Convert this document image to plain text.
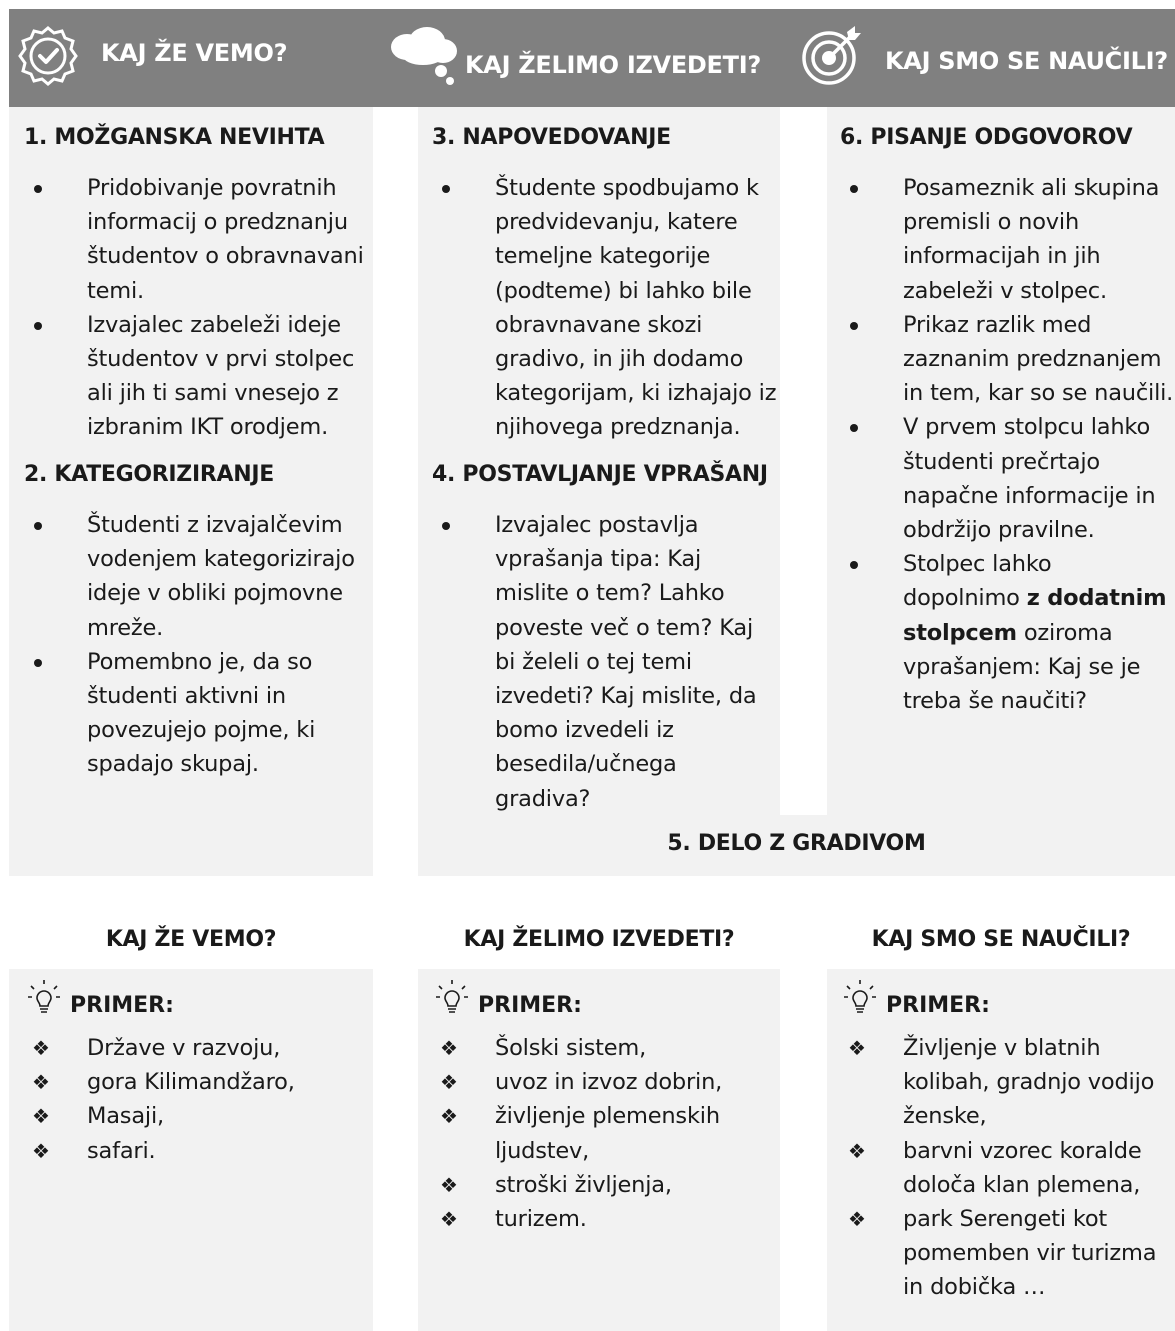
KAJ ŽE VEMO?	KAJ ŽELIMO IZVEDETI?	KAJ SMO SE NAUČILI?
1. MOŽGANSKA NEVIHTA
Pridobivanje povratnih informacij o predznanju študentov o obravnavani temi.
Izvajalec zabeleži ideje študentov v prvi stolpec ali jih ti sami vnesejo z izbranim IKT orodjem.
2. KATEGORIZIRANJE
Študenti z izvajalčevim vodenjem kategorizirajo ideje v obliki pojmovne mreže.
Pomembno je, da so študenti aktivni in povezujejo pojme, ki spadajo skupaj.
3. NAPOVEDOVANJE
Študente spodbujamo k predvidevanju, katere temeljne kategorije (podteme) bi lahko bile obravnavane skozi gradivo, in jih dodamo kategorijam, ki izhajajo iz njihovega predznanja.
4. POSTAVLJANJE VPRAŠANJ
Izvajalec postavlja vprašanja tipa: Kaj mislite o tem? Lahko poveste več o tem? Kaj bi želeli o tej temi izvedeti? Kaj mislite, da bomo izvedeli iz besedila/učnega gradiva?
5. DELO Z GRADIVOM
6. PISANJE ODGOVOROV
Posameznik ali skupina premisli o novih informacijah in jih zabeleži v stolpec.
Prikaz razlik med zaznanim predznanjem in tem, kar so se naučili.
V prvem stolpcu lahko študenti prečrtajo napačne informacije in obdržijo pravilne.
Stolpec lahko dopolnimo z dodatnim stolpcem oziroma vprašanjem: Kaj se je treba še naučiti?
KAJ ŽE VEMO?	KAJ ŽELIMO IZVEDETI?	KAJ SMO SE NAUČILI?
PRIMER:	PRIMER:	PRIMER:
❖ Države v razvoju,
❖ gora Kilimandžaro,
❖ Masaji,
❖ safari.
❖ Šolski sistem,
❖ uvoz in izvoz dobrin,
❖ življenje plemenskih ljudstev,
❖ stroški življenja,
❖ turizem.
❖ Življenje v blatnih kolibah, gradnjo vodijo ženske,
❖ barvni vzorec koralde določa klan plemena,
❖ park Serengeti kot pomemben vir turizma in dobička …
